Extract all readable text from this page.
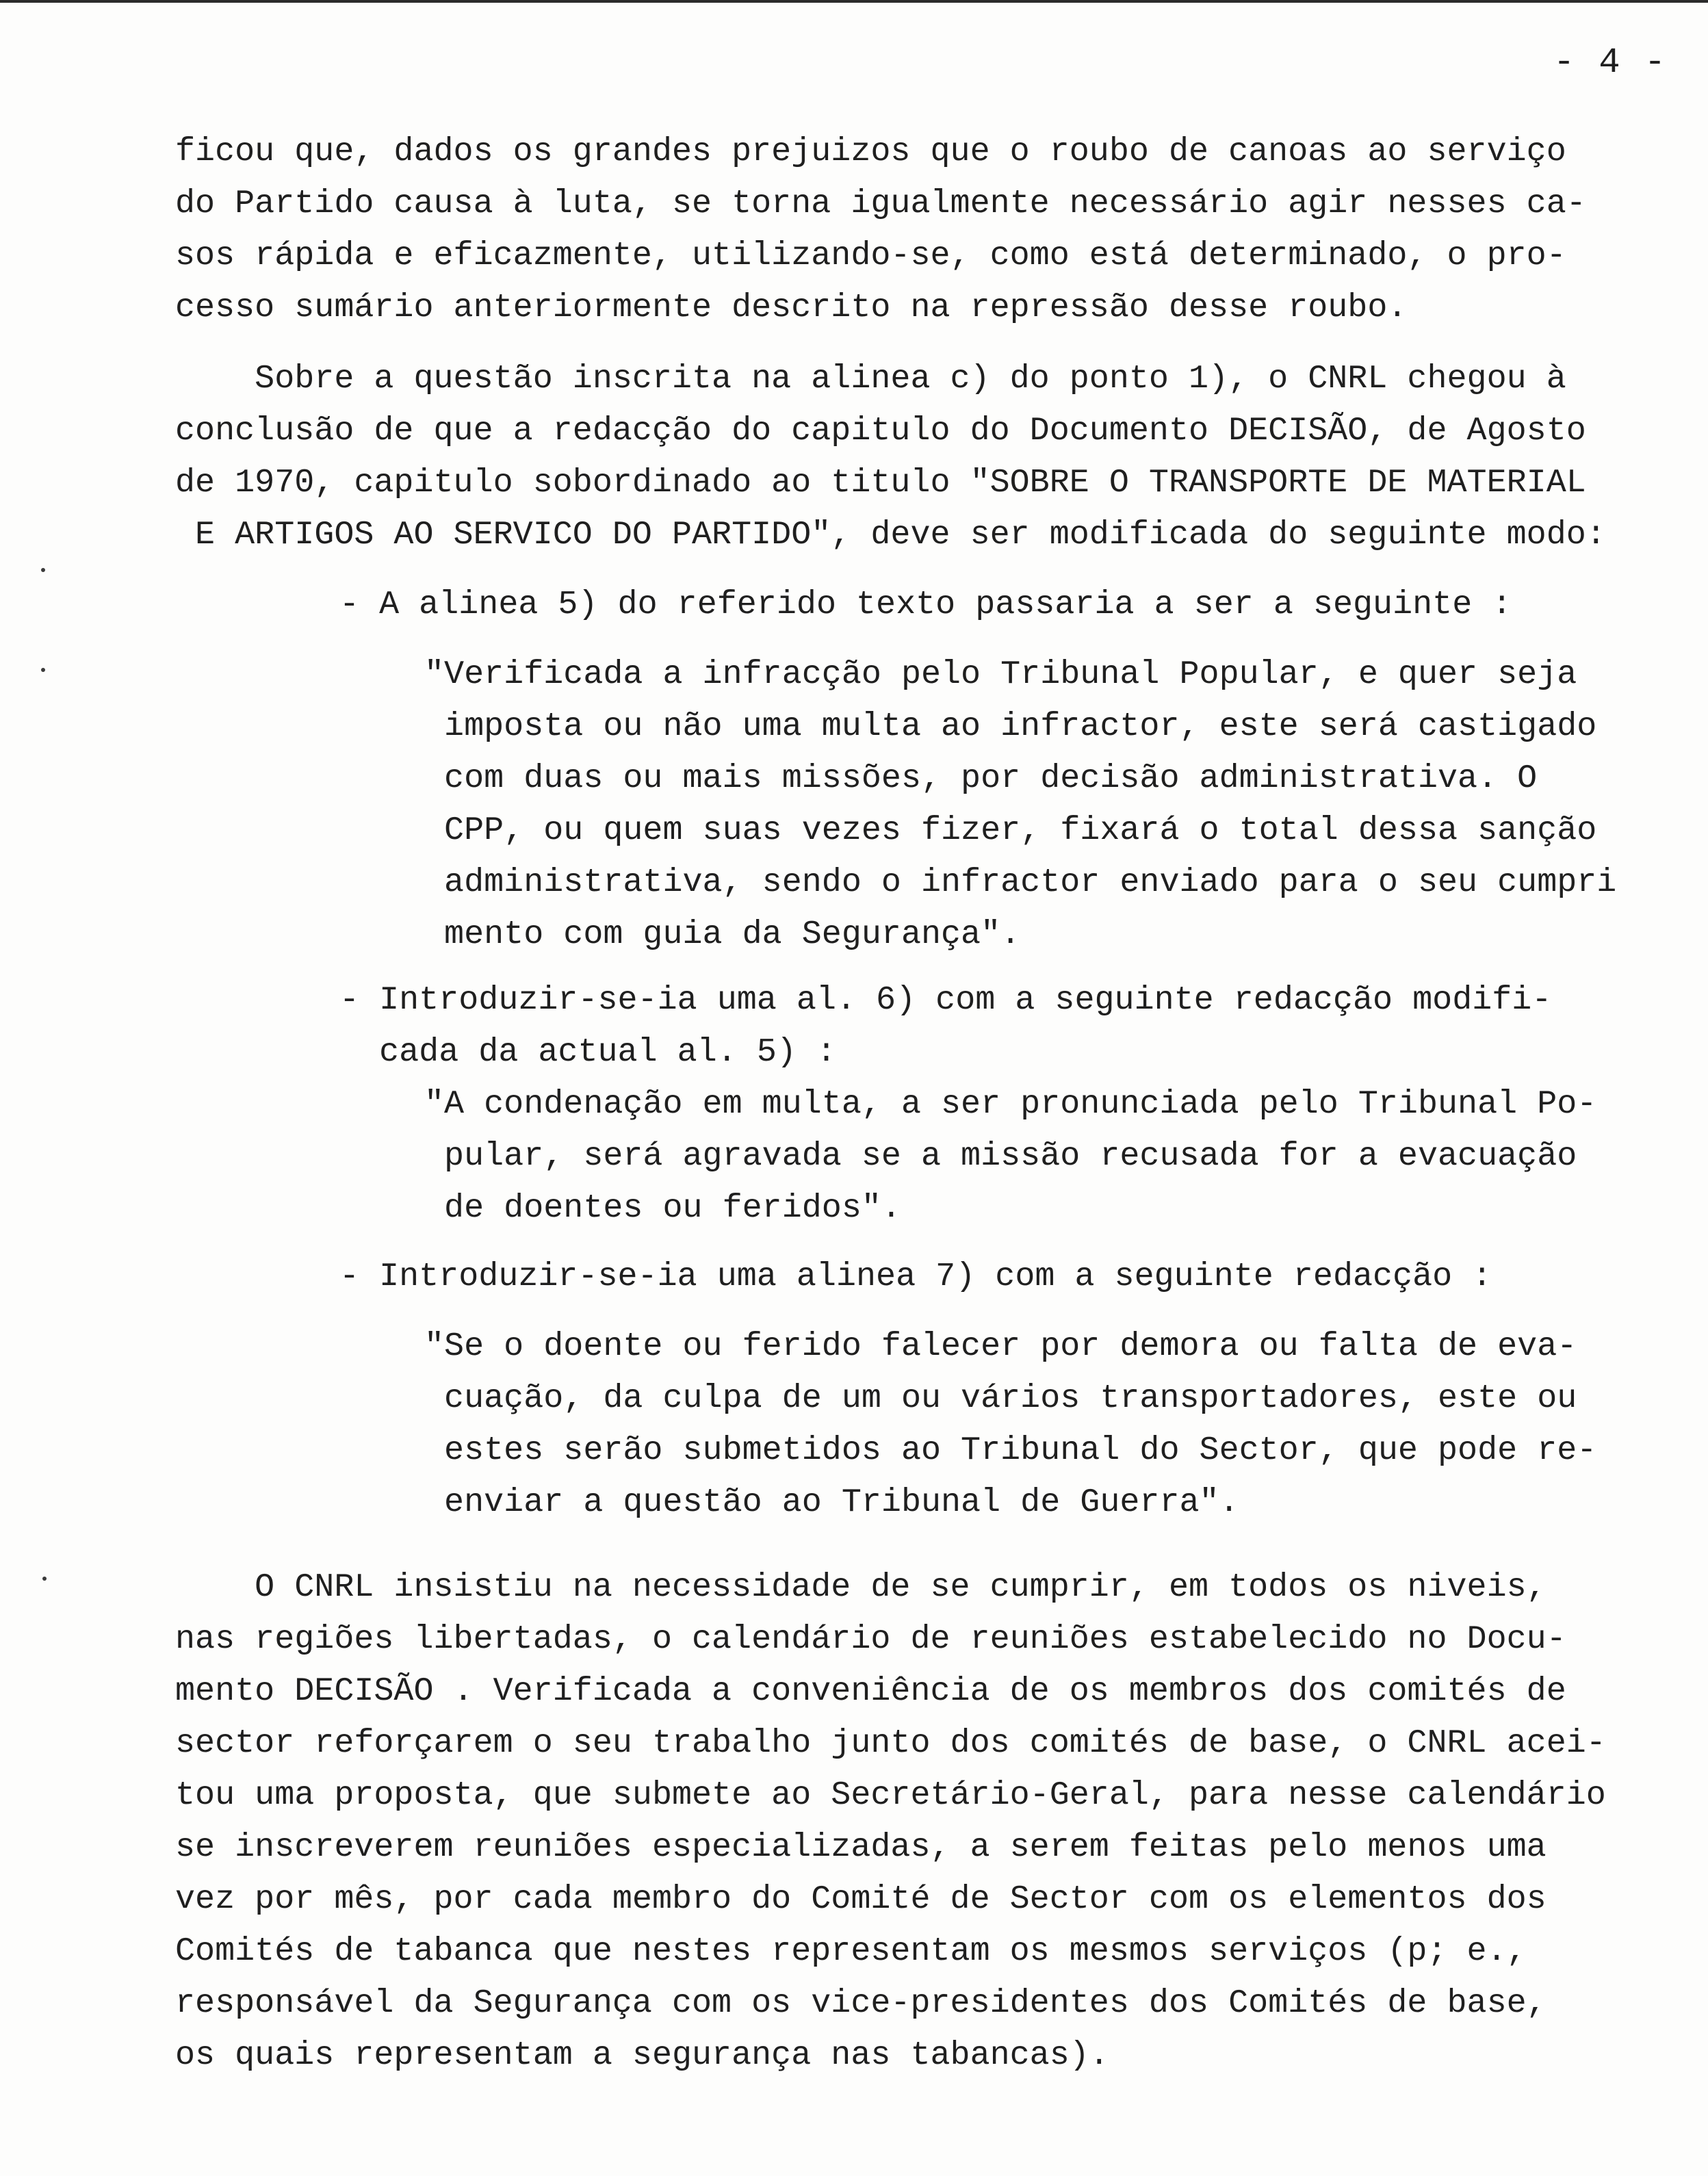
- 4 -

ficou que, dados os grandes prejuizos que o roubo de canoas ao serviço
do Partido causa à luta, se torna igualmente necessário agir nesses ca-
sos rápida e eficazmente, utilizando-se, como está determinado, o pro-
cesso sumário anteriormente descrito na repressão desse roubo.

Sobre a questão inscrita na alinea c) do ponto 1), o CNRL chegou à
conclusão de que a redacção do capitulo do Documento DECISÃO, de Agosto
de 1970, capitulo sobordinado ao titulo "SOBRE O TRANSPORTE DE MATERIAL
E ARTIGOS AO SERVICO DO PARTIDO", deve ser modificada do seguinte modo:

- A alinea 5) do referido texto passaria a ser a seguinte :

"Verificada a infracção pelo Tribunal Popular, e quer seja
imposta ou não uma multa ao infractor, este será castigado
com duas ou mais missões, por decisão administrativa. O
CPP, ou quem suas vezes fizer, fixará o total dessa sanção
administrativa, sendo o infractor enviado para o seu cumpri
mento com guia da Segurança".

- Introduzir-se-ia uma al. 6) com a seguinte redacção modifi-
cada da actual al. 5) :

"A condenação em multa, a ser pronunciada pelo Tribunal Po-
pular, será agravada se a missão recusada for a evacuação
de doentes ou feridos".

- Introduzir-se-ia uma alinea 7) com a seguinte redacção :

"Se o doente ou ferido falecer por demora ou falta de eva-
cuação, da culpa de um ou vários transportadores, este ou
estes serão submetidos ao Tribunal do Sector, que pode re-
enviar a questão ao Tribunal de Guerra".

O CNRL insistiu na necessidade de se cumprir, em todos os niveis,
nas regiões libertadas, o calendário de reuniões estabelecido no Docu-
mento DECISÃO . Verificada a conveniência de os membros dos comités de
sector reforçarem o seu trabalho junto dos comités de base, o CNRL acei-
tou uma proposta, que submete ao Secretário-Geral, para nesse calendário
se inscreverem reuniões especializadas, a serem feitas pelo menos uma
vez por mês, por cada membro do Comité de Sector com os elementos dos
Comités de tabanca que nestes representam os mesmos serviços (p; e.,
responsável da Segurança com os vice-presidentes dos Comités de base,
os quais representam a segurança nas tabancas).
